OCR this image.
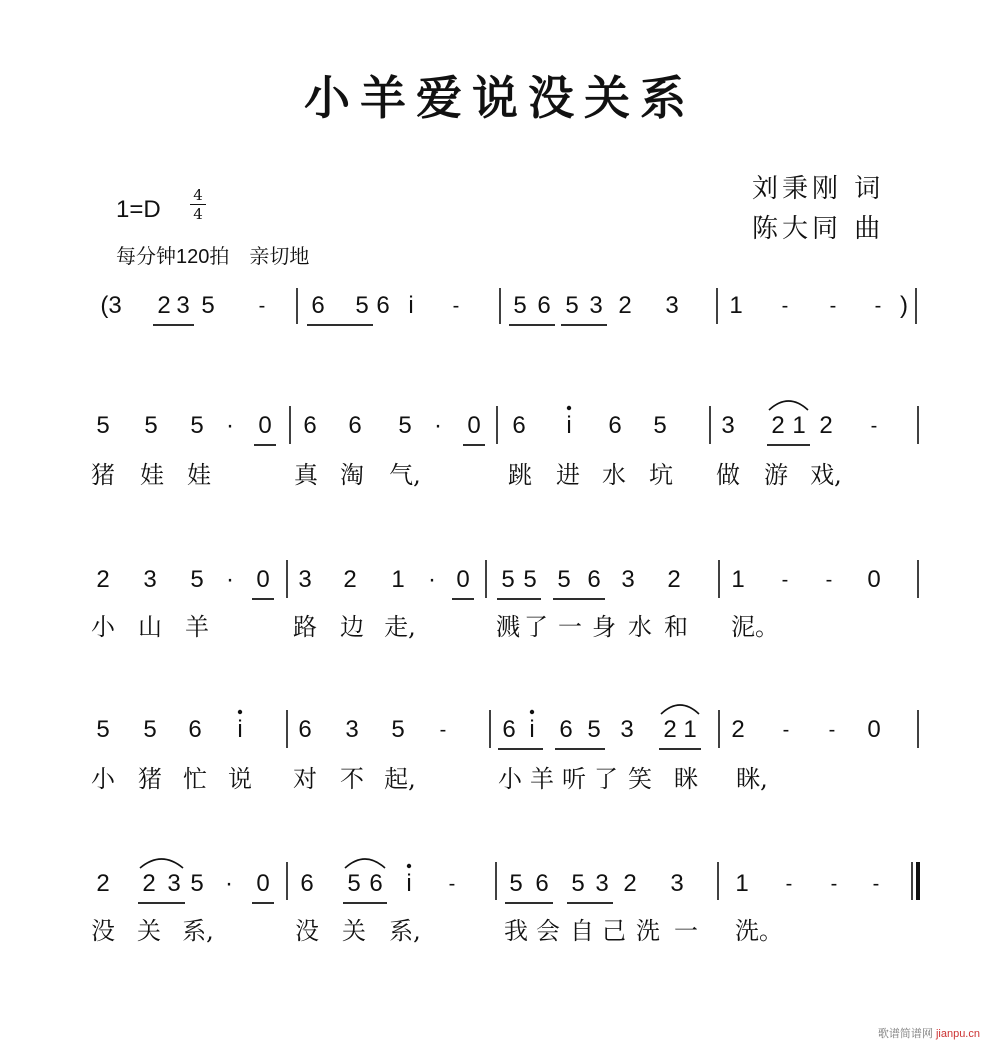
小羊爱说没关系
刘秉刚 词
陈大同 曲
1=D
4
4
每分钟120拍　亲切地
(3	2 3 5	-	6	5 6 i	-	5 6 5 3 2	3	1	-	-	- )
5	5	5 ·	0	6	6	5 ·	0	6	i	6	5	3	2 1 2	-
2	3	5 · 0	3	2	1 · 0	5 5 5 6 3	2	1	-	-	0
5	5	6	i	6	3	5	-	6 i	6 5 3	2 1	2	-	-	0
2	2 3 5 · 0	6	5 6 i	-	5 6 5 3 2	3	1	-	-	-
猪 娃 娃	真 淘 气,	跳 进 水 坑 做 游 戏,
小 山 羊	路 边 走,	溅 了 一 身 水 和 泥。
小 猪 忙 说 对 不 起,	小 羊 听 了 笑 眯 眯,
没 关 系,	没 关 系,	我 会 自 己 洗 一 洗。
歌谱简谱网 jianpu.cn
